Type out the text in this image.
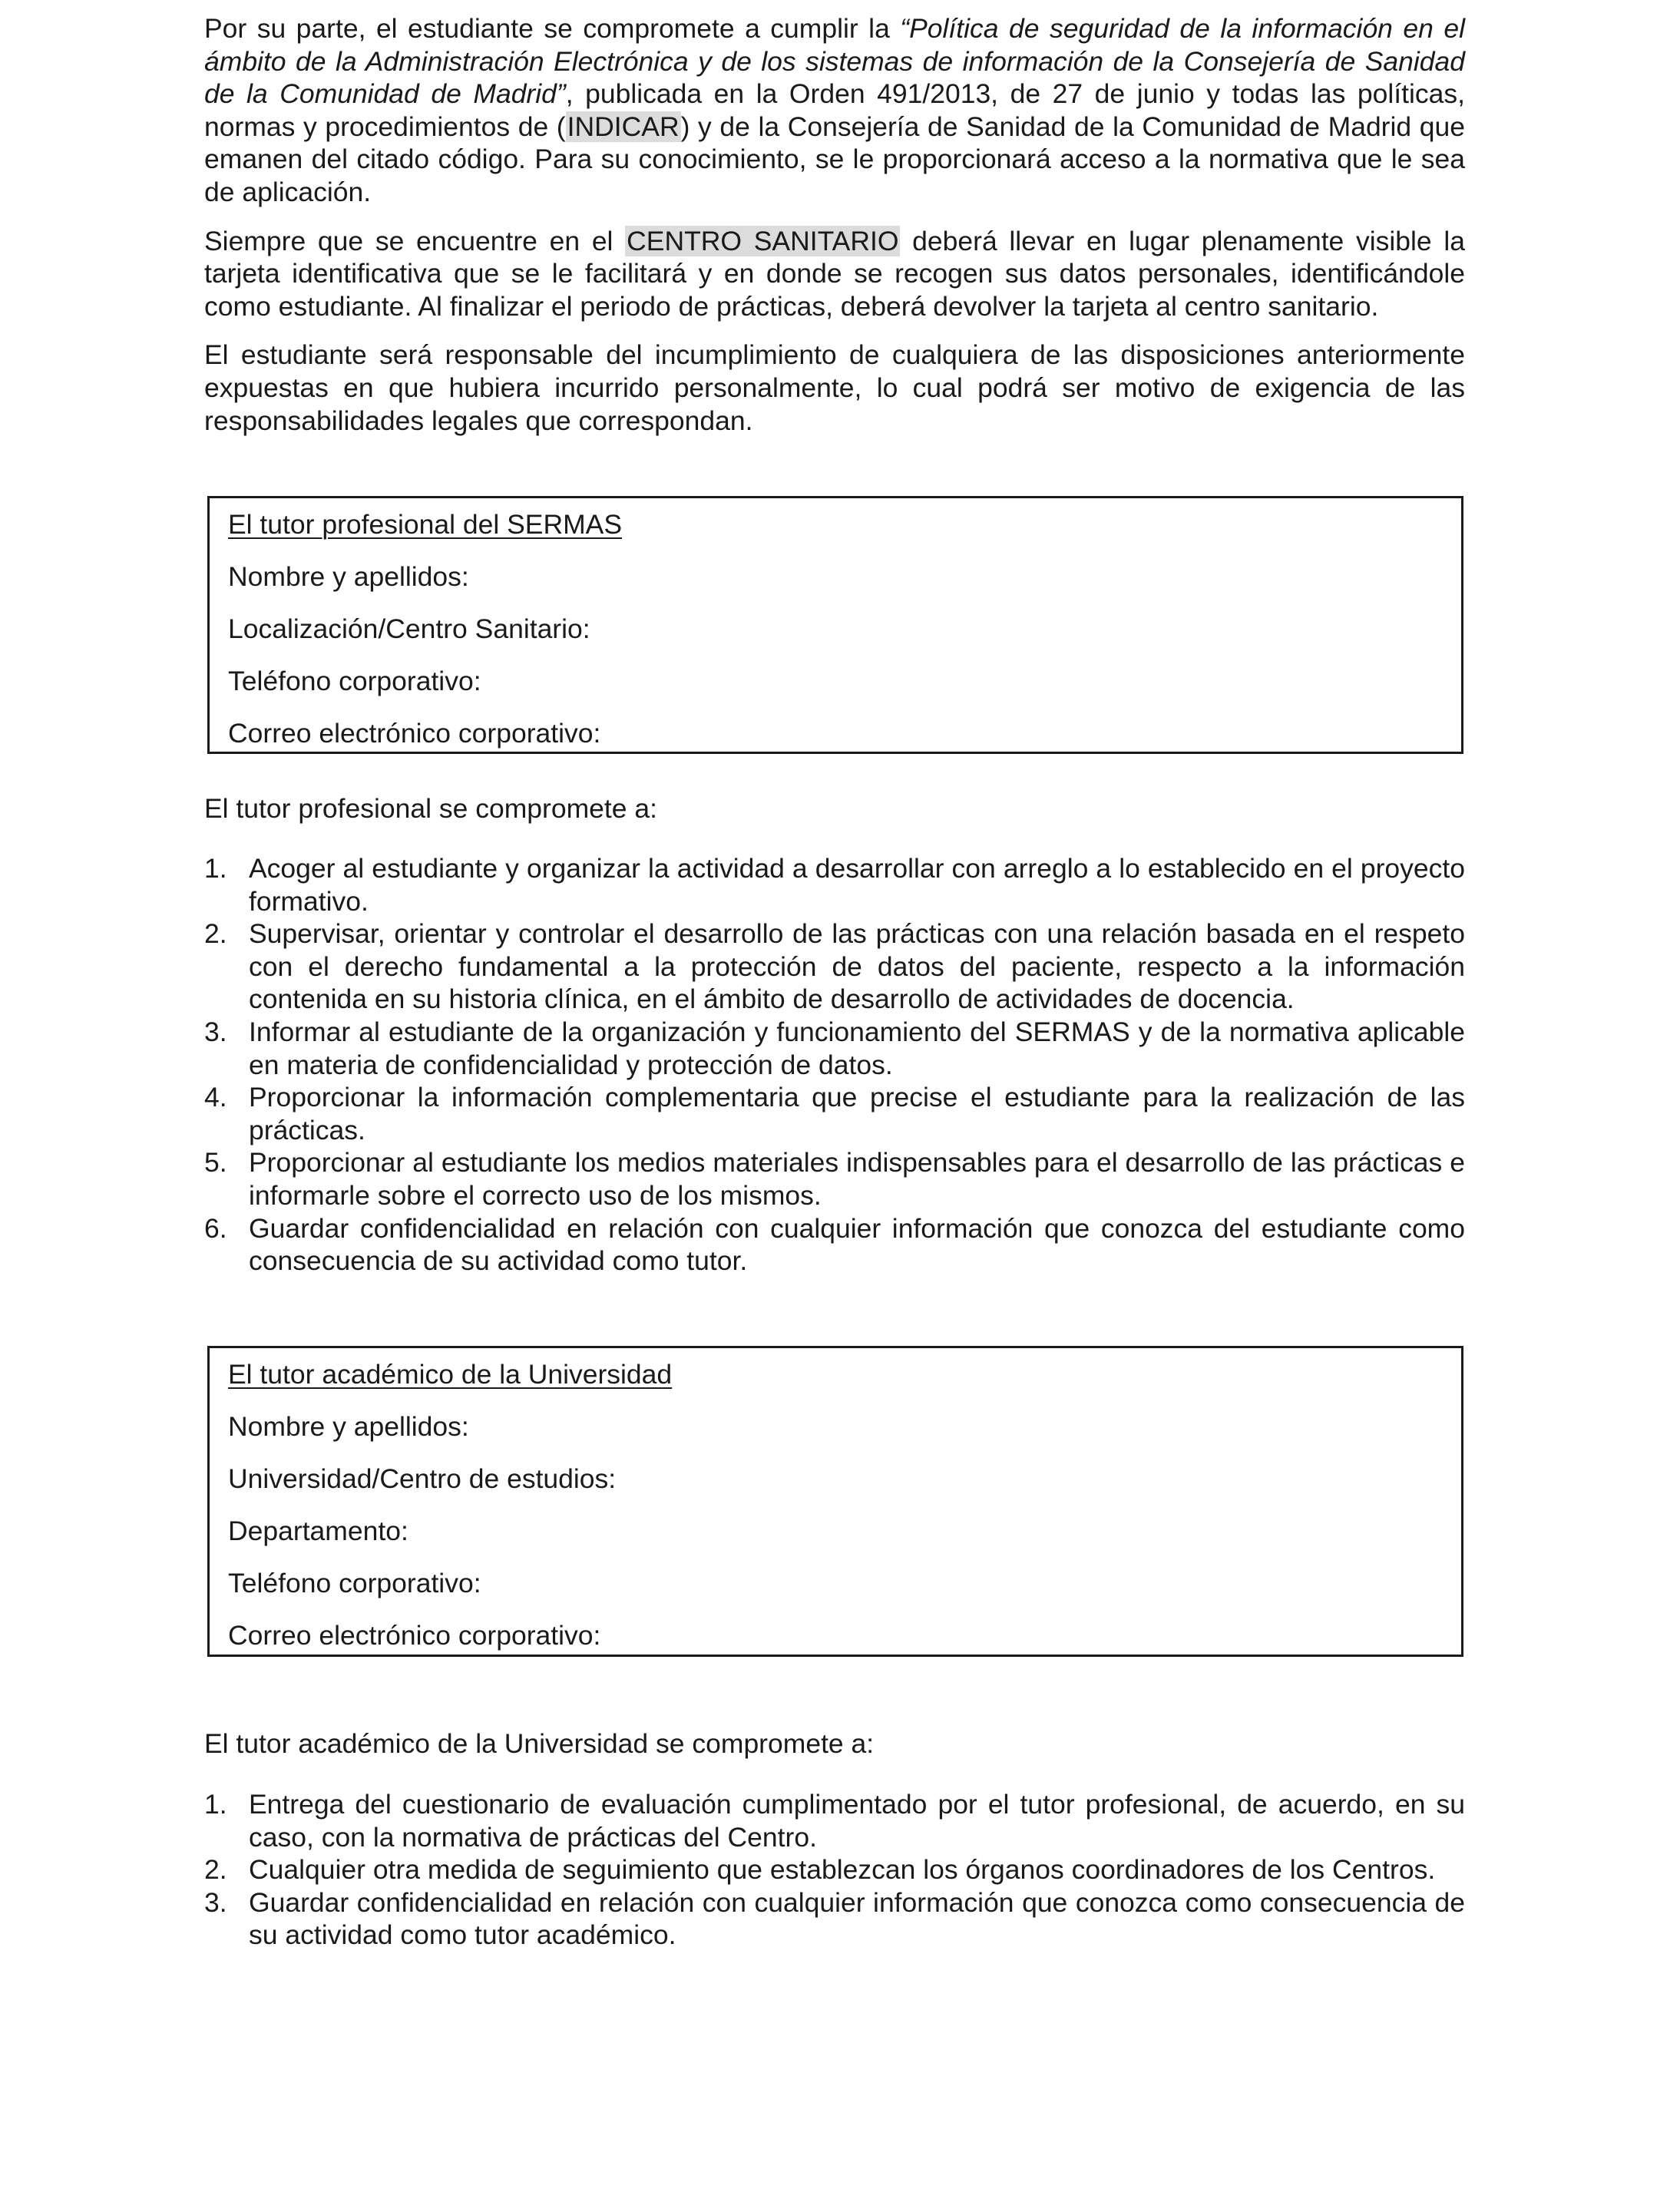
Por su parte, el estudiante se compromete a cumplir la “Política de seguridad de la información en el ámbito de la Administración Electrónica y de los sistemas de información de la Consejería de Sanidad de la Comunidad de Madrid”, publicada en la Orden 491/2013, de 27 de junio y todas las políticas, normas y procedimientos de (INDICAR) y de la Consejería de Sanidad de la Comunidad de Madrid que emanen del citado código. Para su conocimiento, se le proporcionará acceso a la normativa que le sea de aplicación.

Siempre que se encuentre en el CENTRO SANITARIO deberá llevar en lugar plenamente visible la tarjeta identificativa que se le facilitará y en donde se recogen sus datos personales, identificándole como estudiante. Al finalizar el periodo de prácticas, deberá devolver la tarjeta al centro sanitario.

El estudiante será responsable del incumplimiento de cualquiera de las disposiciones anteriormente expuestas en que hubiera incurrido personalmente, lo cual podrá ser motivo de exigencia de las responsabilidades legales que correspondan.

El tutor profesional del SERMAS
Nombre y apellidos:
Localización/Centro Sanitario:
Teléfono corporativo:
Correo electrónico corporativo:
El tutor profesional se compromete a:
1. Acoger al estudiante y organizar la actividad a desarrollar con arreglo a lo establecido en el proyecto formativo.
2. Supervisar, orientar y controlar el desarrollo de las prácticas con una relación basada en el respeto con el derecho fundamental a la protección de datos del paciente, respecto a la información contenida en su historia clínica, en el ámbito de desarrollo de actividades de docencia.
3. Informar al estudiante de la organización y funcionamiento del SERMAS y de la normativa aplicable en materia de confidencialidad y protección de datos.
4. Proporcionar la información complementaria que precise el estudiante para la realización de las prácticas.
5. Proporcionar al estudiante los medios materiales indispensables para el desarrollo de las prácticas e informarle sobre el correcto uso de los mismos.
6. Guardar confidencialidad en relación con cualquier información que conozca del estudiante como consecuencia de su actividad como tutor.
El tutor académico de la Universidad
Nombre y apellidos:
Universidad/Centro de estudios:
Departamento:
Teléfono corporativo:
Correo electrónico corporativo:
El tutor académico de la Universidad se compromete a:
1. Entrega del cuestionario de evaluación cumplimentado por el tutor profesional, de acuerdo, en su caso, con la normativa de prácticas del Centro.
2. Cualquier otra medida de seguimiento que establezcan los órganos coordinadores de los Centros.
3. Guardar confidencialidad en relación con cualquier información que conozca como consecuencia de su actividad como tutor académico.
